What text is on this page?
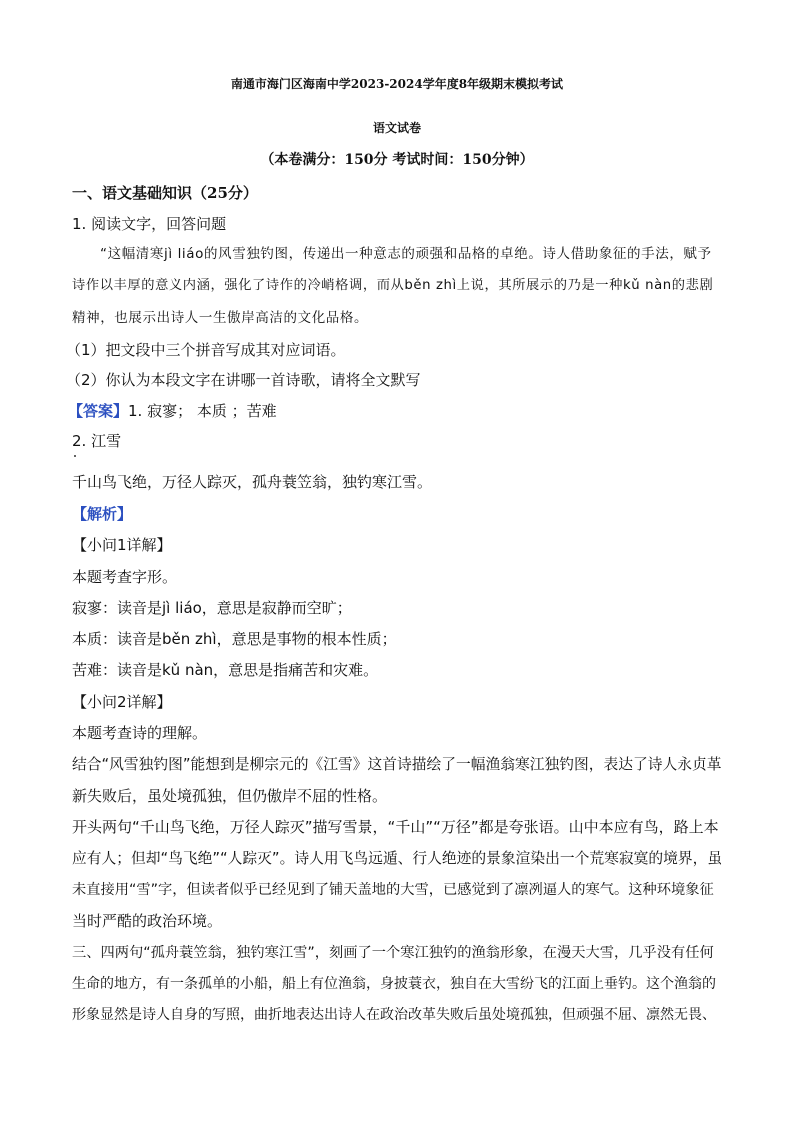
南通市海门区海南中学2023-2024学年度8年级期末模拟考试
语文试卷
（本卷满分：150分 考试时间：150分钟）
一、语文基础知识（25分）
1. 阅读文字，回答问题
“这幅清寒jì liáo的风雪独钓图，传递出一种意志的顽强和品格的卓绝。诗人借助象征的手法，赋予
诗作以丰厚的意义内涵，强化了诗作的冷峭格调，而从běn zhì上说，其所展示的乃是一种kǔ nàn的悲剧
精神，也展示出诗人一生傲岸高洁的文化品格。
（1）把文段中三个拼音写成其对应词语。
（2）你认为本段文字在讲哪一首诗歌，请将全文默写
【答案】1. 寂寥； 本质 ；苦难
2. 江雪
千山鸟飞绝，万径人踪灭，孤舟蓑笠翁，独钓寒江雪。
【解析】
【小问1详解】
本题考查字形。
寂寥：读音是jì liáo，意思是寂静而空旷；
本质：读音是běn zhì，意思是事物的根本性质；
苦难：读音是kǔ nàn，意思是指痛苦和灾难。
【小问2详解】
本题考查诗的理解。
结合“风雪独钓图”能想到是柳宗元的《江雪》这首诗描绘了一幅渔翁寒江独钓图，表达了诗人永贞革
新失败后，虽处境孤独，但仍傲岸不屈的性格。
开头两句“千山鸟飞绝，万径人踪灭”描写雪景，“千山”“万径”都是夸张语。山中本应有鸟，路上本
应有人；但却“鸟飞绝”“人踪灭”。诗人用飞鸟远遁、行人绝迹的景象渲染出一个荒寒寂寞的境界，虽
未直接用“雪”字，但读者似乎已经见到了铺天盖地的大雪，已感觉到了凛冽逼人的寒气。这种环境象征
当时严酷的政治环境。
三、四两句“孤舟蓑笠翁，独钓寒江雪”，刻画了一个寒江独钓的渔翁形象，在漫天大雪，几乎没有任何
生命的地方，有一条孤单的小船，船上有位渔翁，身披蓑衣，独自在大雪纷飞的江面上垂钓。这个渔翁的
形象显然是诗人自身的写照，曲折地表达出诗人在政治改革失败后虽处境孤独，但顽强不屈、凛然无畏、
